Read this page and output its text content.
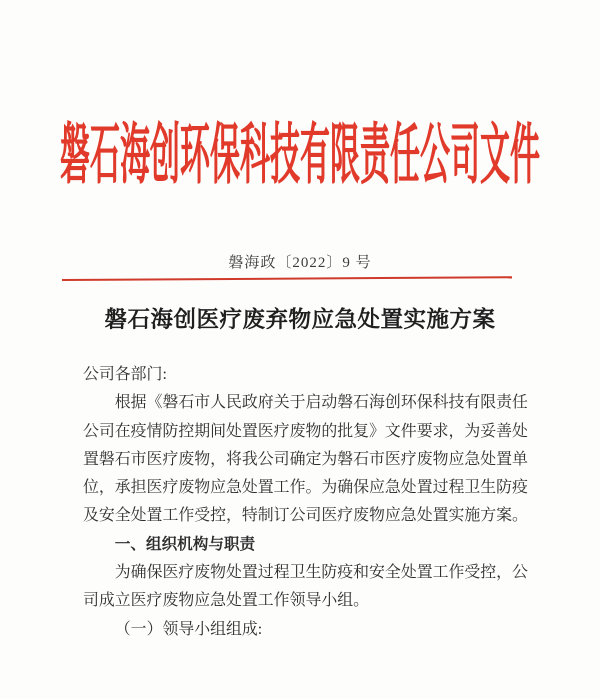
磐石海创环保科技有限责任公司文件
磐海政〔2022〕9 号
磐石海创医疗废弃物应急处置实施方案
公司各部门:
根据《磐石市人民政府关于启动磐石海创环保科技有限责任
公司在疫情防控期间处置医疗废物的批复》文件要求，为妥善处
置磐石市医疗废物，将我公司确定为磐石市医疗废物应急处置单
位，承担医疗废物应急处置工作。为确保应急处置过程卫生防疫
及安全处置工作受控，特制订公司医疗废物应急处置实施方案。
一、组织机构与职责
为确保医疗废物处置过程卫生防疫和安全处置工作受控，公
司成立医疗废物应急处置工作领导小组。
（一）领导小组组成:
